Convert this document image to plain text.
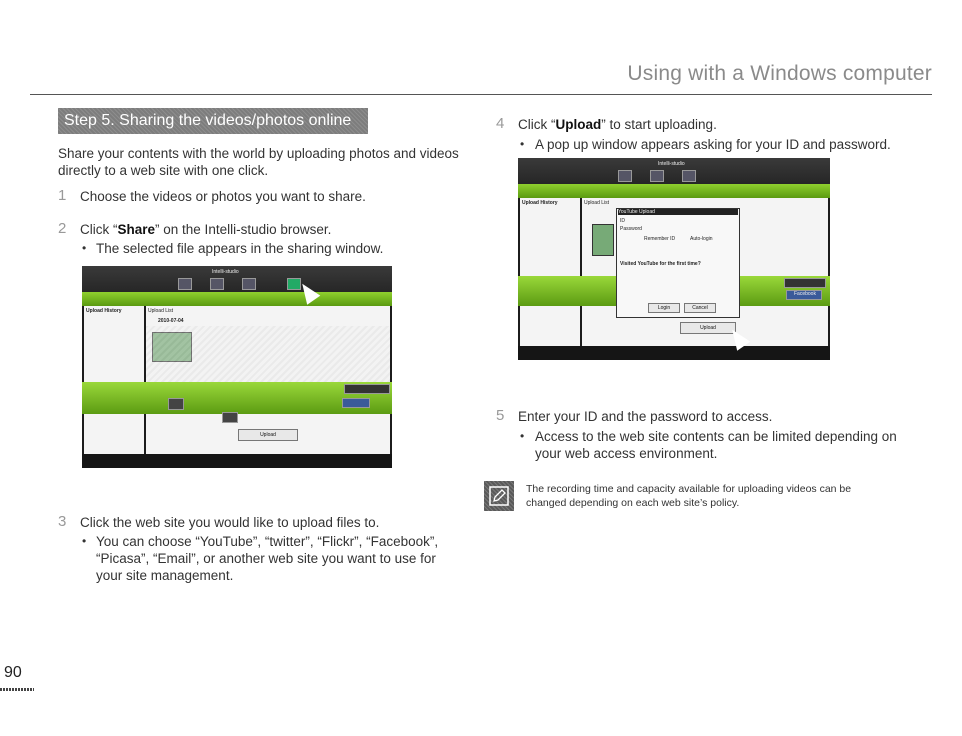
Using with a Windows computer
Step 5. Sharing the videos/photos online
Share your contents with the world by uploading photos and videos directly to a web site with one click.
1 Choose the videos or photos you want to share.
2 Click “Share” on the Intelli-studio browser.
• The selected file appears in the sharing window.
Intelli-studio
Upload History	Upload List
2010-07-04
Upload
3 Click the web site you would like to upload files to.
• You can choose “YouTube”, “twitter”, “Flickr”, “Facebook”,
“Picasa”, “Email”, or another web site you want to use for
your site management.
4 Click “Upload” to start uploading.
• A pop up window appears asking for your ID and password.
Intelli-studio
Upload History	Upload List
Facebook
YouTube Upload
ID
Password
Remember ID	Auto-login
Visited YouTube for the first time?
Login	Cancel
Upload
5 Enter your ID and the password to access.
• Access to the web site contents can be limited depending on
your web access environment.
The recording time and capacity available for uploading videos can be
changed depending on each web site’s policy.
90
